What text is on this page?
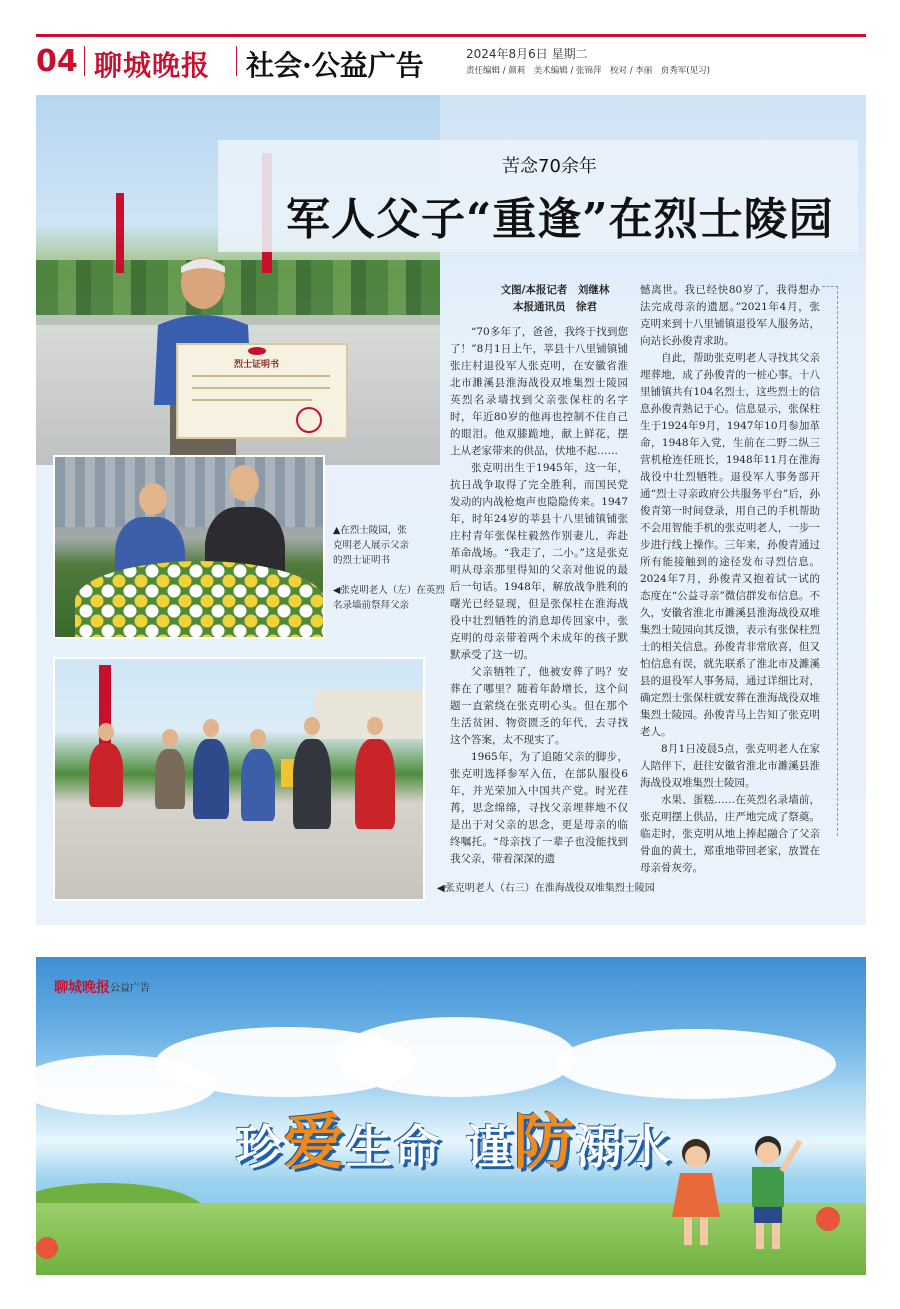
04 聊城晚报 社会·公益广告	2024年8月6日 星期二
责任编辑 / 颜莉　美术编辑 / 张锦萍　校对 / 李丽　贠秀军(见习)
烈士证明书
苦念70余年
军人父子“重逢”在烈士陵园
▲在烈士陵园，张克明老人展示父亲的烈士证明书
◀张克明老人（左）在英烈名录墙前祭拜父亲
◀张克明老人（右三）在淮海战役双堆集烈士陵园
文图/本报记者　刘继林
本报通讯员　徐君

“70多年了，爸爸，我终于找到您了！”8月1日上午，莘县十八里铺镇铺张庄村退役军人张克明，在安徽省淮北市濉溪县淮海战役双堆集烈士陵园英烈名录墙找到父亲张保柱的名字时，年近80岁的他再也控制不住自己的眼泪。他双膝跪地，献上鲜花，摆上从老家带来的供品，伏地不起……

张克明出生于1945年，这一年，抗日战争取得了完全胜利，而国民党发动的内战枪炮声也隐隐传来。1947年，时年24岁的莘县十八里铺镇铺张庄村青年张保柱毅然作别妻儿，奔赴革命战场。“我走了，二小。”这是张克明从母亲那里得知的父亲对他说的最后一句话。1948年，解放战争胜利的曙光已经显现，但是张保柱在淮海战役中壮烈牺牲的消息却传回家中，张克明的母亲带着两个未成年的孩子默默承受了这一切。

父亲牺牲了，他被安葬了吗？安葬在了哪里？随着年龄增长，这个问题一直萦绕在张克明心头。但在那个生活贫困、物资匮乏的年代，去寻找这个答案，太不现实了。

1965年，为了追随父亲的脚步，张克明选择参军入伍，在部队服役6年，并光荣加入中国共产党。时光荏苒，思念绵绵，寻找父亲埋葬地不仅是出于对父亲的思念，更是母亲的临终嘱托。“母亲找了一辈子也没能找到我父亲，带着深深的遗

憾离世。我已经快80岁了，我得想办法完成母亲的遗愿。”2021年4月，张克明来到十八里铺镇退役军人服务站，向站长孙俊青求助。

自此，帮助张克明老人寻找其父亲埋葬地，成了孙俊青的一桩心事。十八里铺镇共有104名烈士，这些烈士的信息孙俊青熟记于心。信息显示，张保柱生于1924年9月，1947年10月参加革命，1948年入党，生前在二野二纵三营机枪连任班长，1948年11月在淮海战役中壮烈牺牲。退役军人事务部开通“烈士寻亲政府公共服务平台”后，孙俊青第一时间登录，用自己的手机帮助不会用智能手机的张克明老人，一步一步进行线上操作。三年来，孙俊青通过所有能接触到的途径发布寻烈信息。2024年7月，孙俊青又抱着试一试的态度在“公益寻亲”微信群发布信息。不久，安徽省淮北市濉溪县淮海战役双堆集烈士陵园向其反馈，表示有张保柱烈士的相关信息。孙俊青非常欣喜，但又怕信息有误，就先联系了淮北市及濉溪县的退役军人事务局，通过详细比对，确定烈士张保柱就安葬在淮海战役双堆集烈士陵园。孙俊青马上告知了张克明老人。

8月1日凌晨5点，张克明老人在家人陪伴下，赶往安徽省淮北市濉溪县淮海战役双堆集烈士陵园。

水果、蛋糕……在英烈名录墙前，张克明摆上供品，庄严地完成了祭奠。临走时，张克明从地上捧起融合了父亲骨血的黄土，郑重地带回老家，放置在母亲骨灰旁。

聊城晚报 公益广告
珍爱生命 谨防溺水
